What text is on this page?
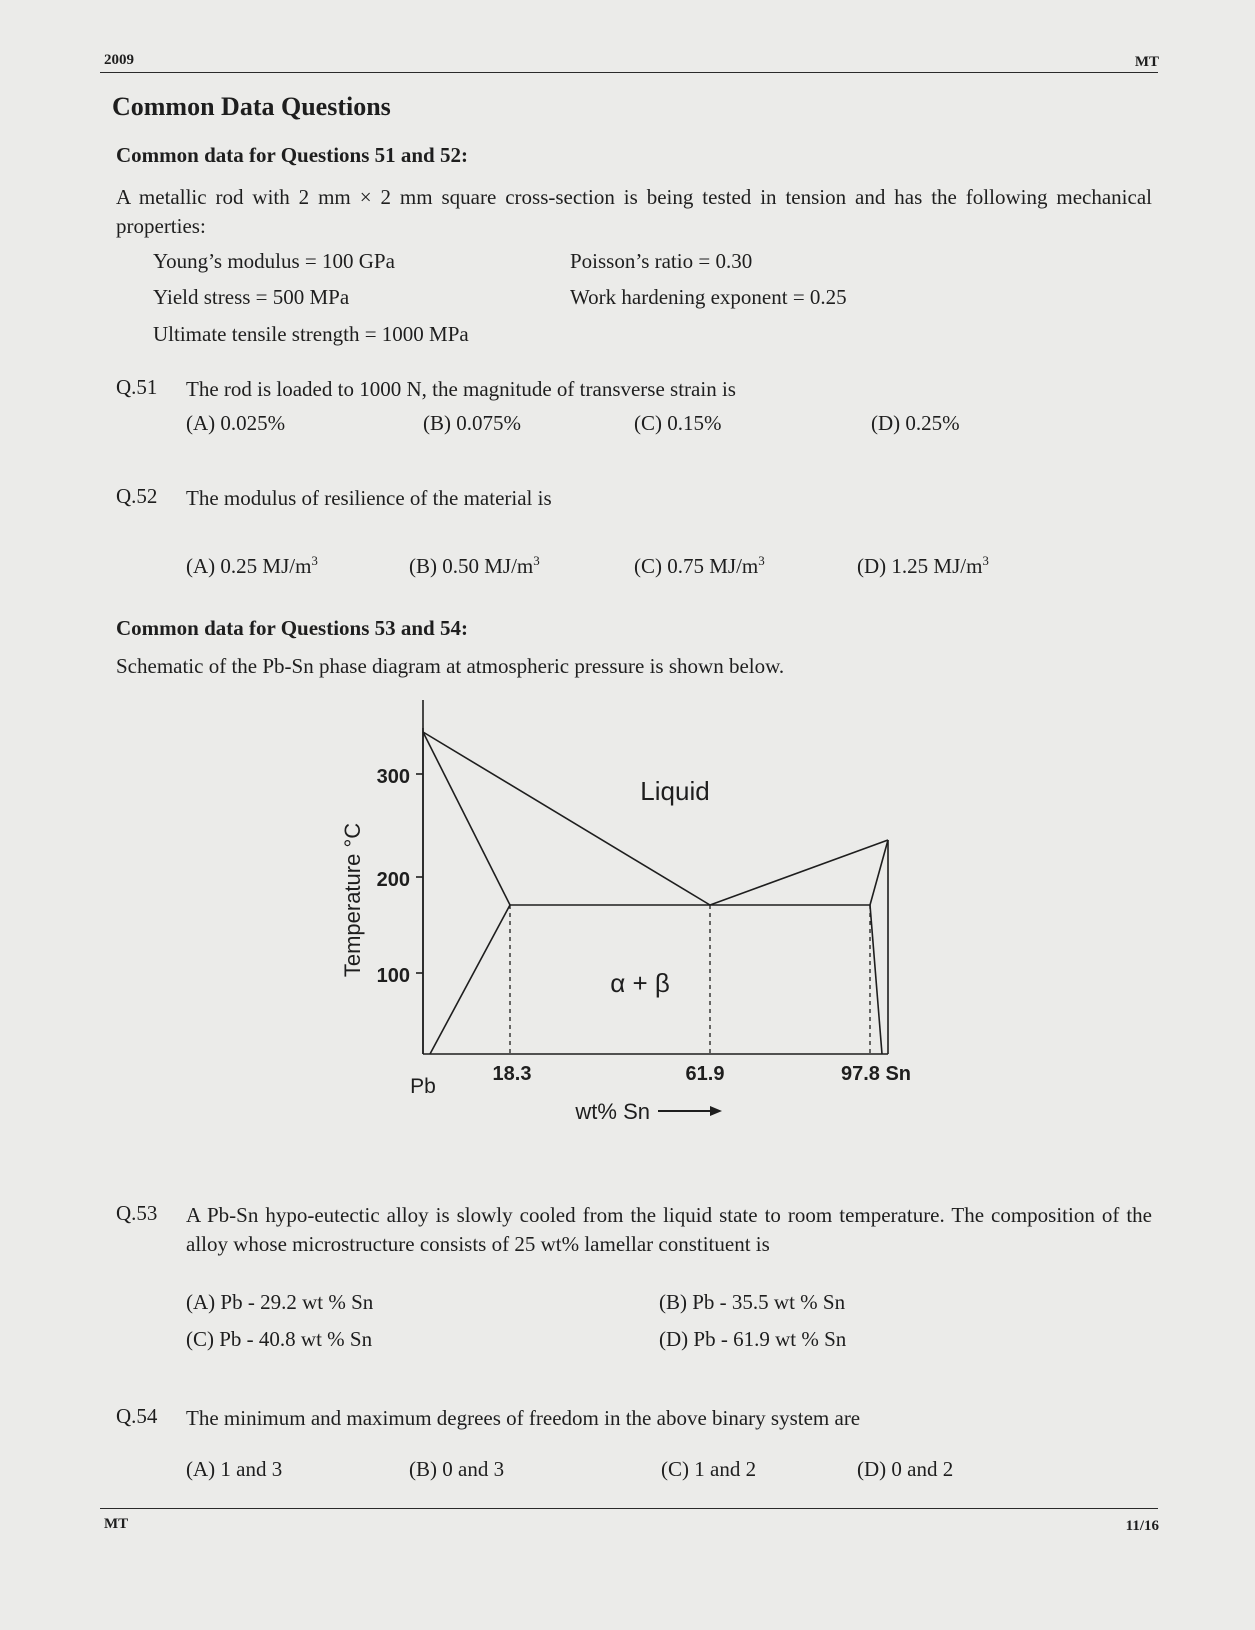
2009	MT
Common Data Questions
Common data for Questions 51 and 52:
A metallic rod with 2 mm × 2 mm square cross-section is being tested in tension and has the following mechanical properties:
Young’s modulus = 100 GPa	Poisson’s ratio = 0.30
Yield stress = 500 MPa	Work hardening exponent = 0.25
Ultimate tensile strength = 1000 MPa
Q.51 The rod is loaded to 1000 N, the magnitude of transverse strain is
(A) 0.025%	(B) 0.075%	(C) 0.15%	(D) 0.25%
Q.52 The modulus of resilience of the material is
(A) 0.25 $MJ/m^3$	(B) 0.50 $MJ/m^3$	(C) 0.75 $MJ/m^3$	(D) 1.25 $MJ/m^3$
Common data for Questions 53 and 54:
Schematic of the Pb-Sn phase diagram at atmospheric pressure is shown below.
300
200
100
Temperature °C
Liquid
α + β
Pb
18.3	61.9	97.8 Sn
wt% Sn
Q.53 A Pb-Sn hypo-eutectic alloy is slowly cooled from the liquid state to room temperature. The composition of the alloy whose microstructure consists of 25 wt% lamellar constituent is
(A) Pb - 29.2 wt % Sn	(B) Pb - 35.5 wt % Sn
(C) Pb - 40.8 wt % Sn	(D) Pb - 61.9 wt % Sn
Q.54 The minimum and maximum degrees of freedom in the above binary system are
(A) 1 and 3	(B) 0 and 3	(C) 1 and 2	(D) 0 and 2
MT	11/16
